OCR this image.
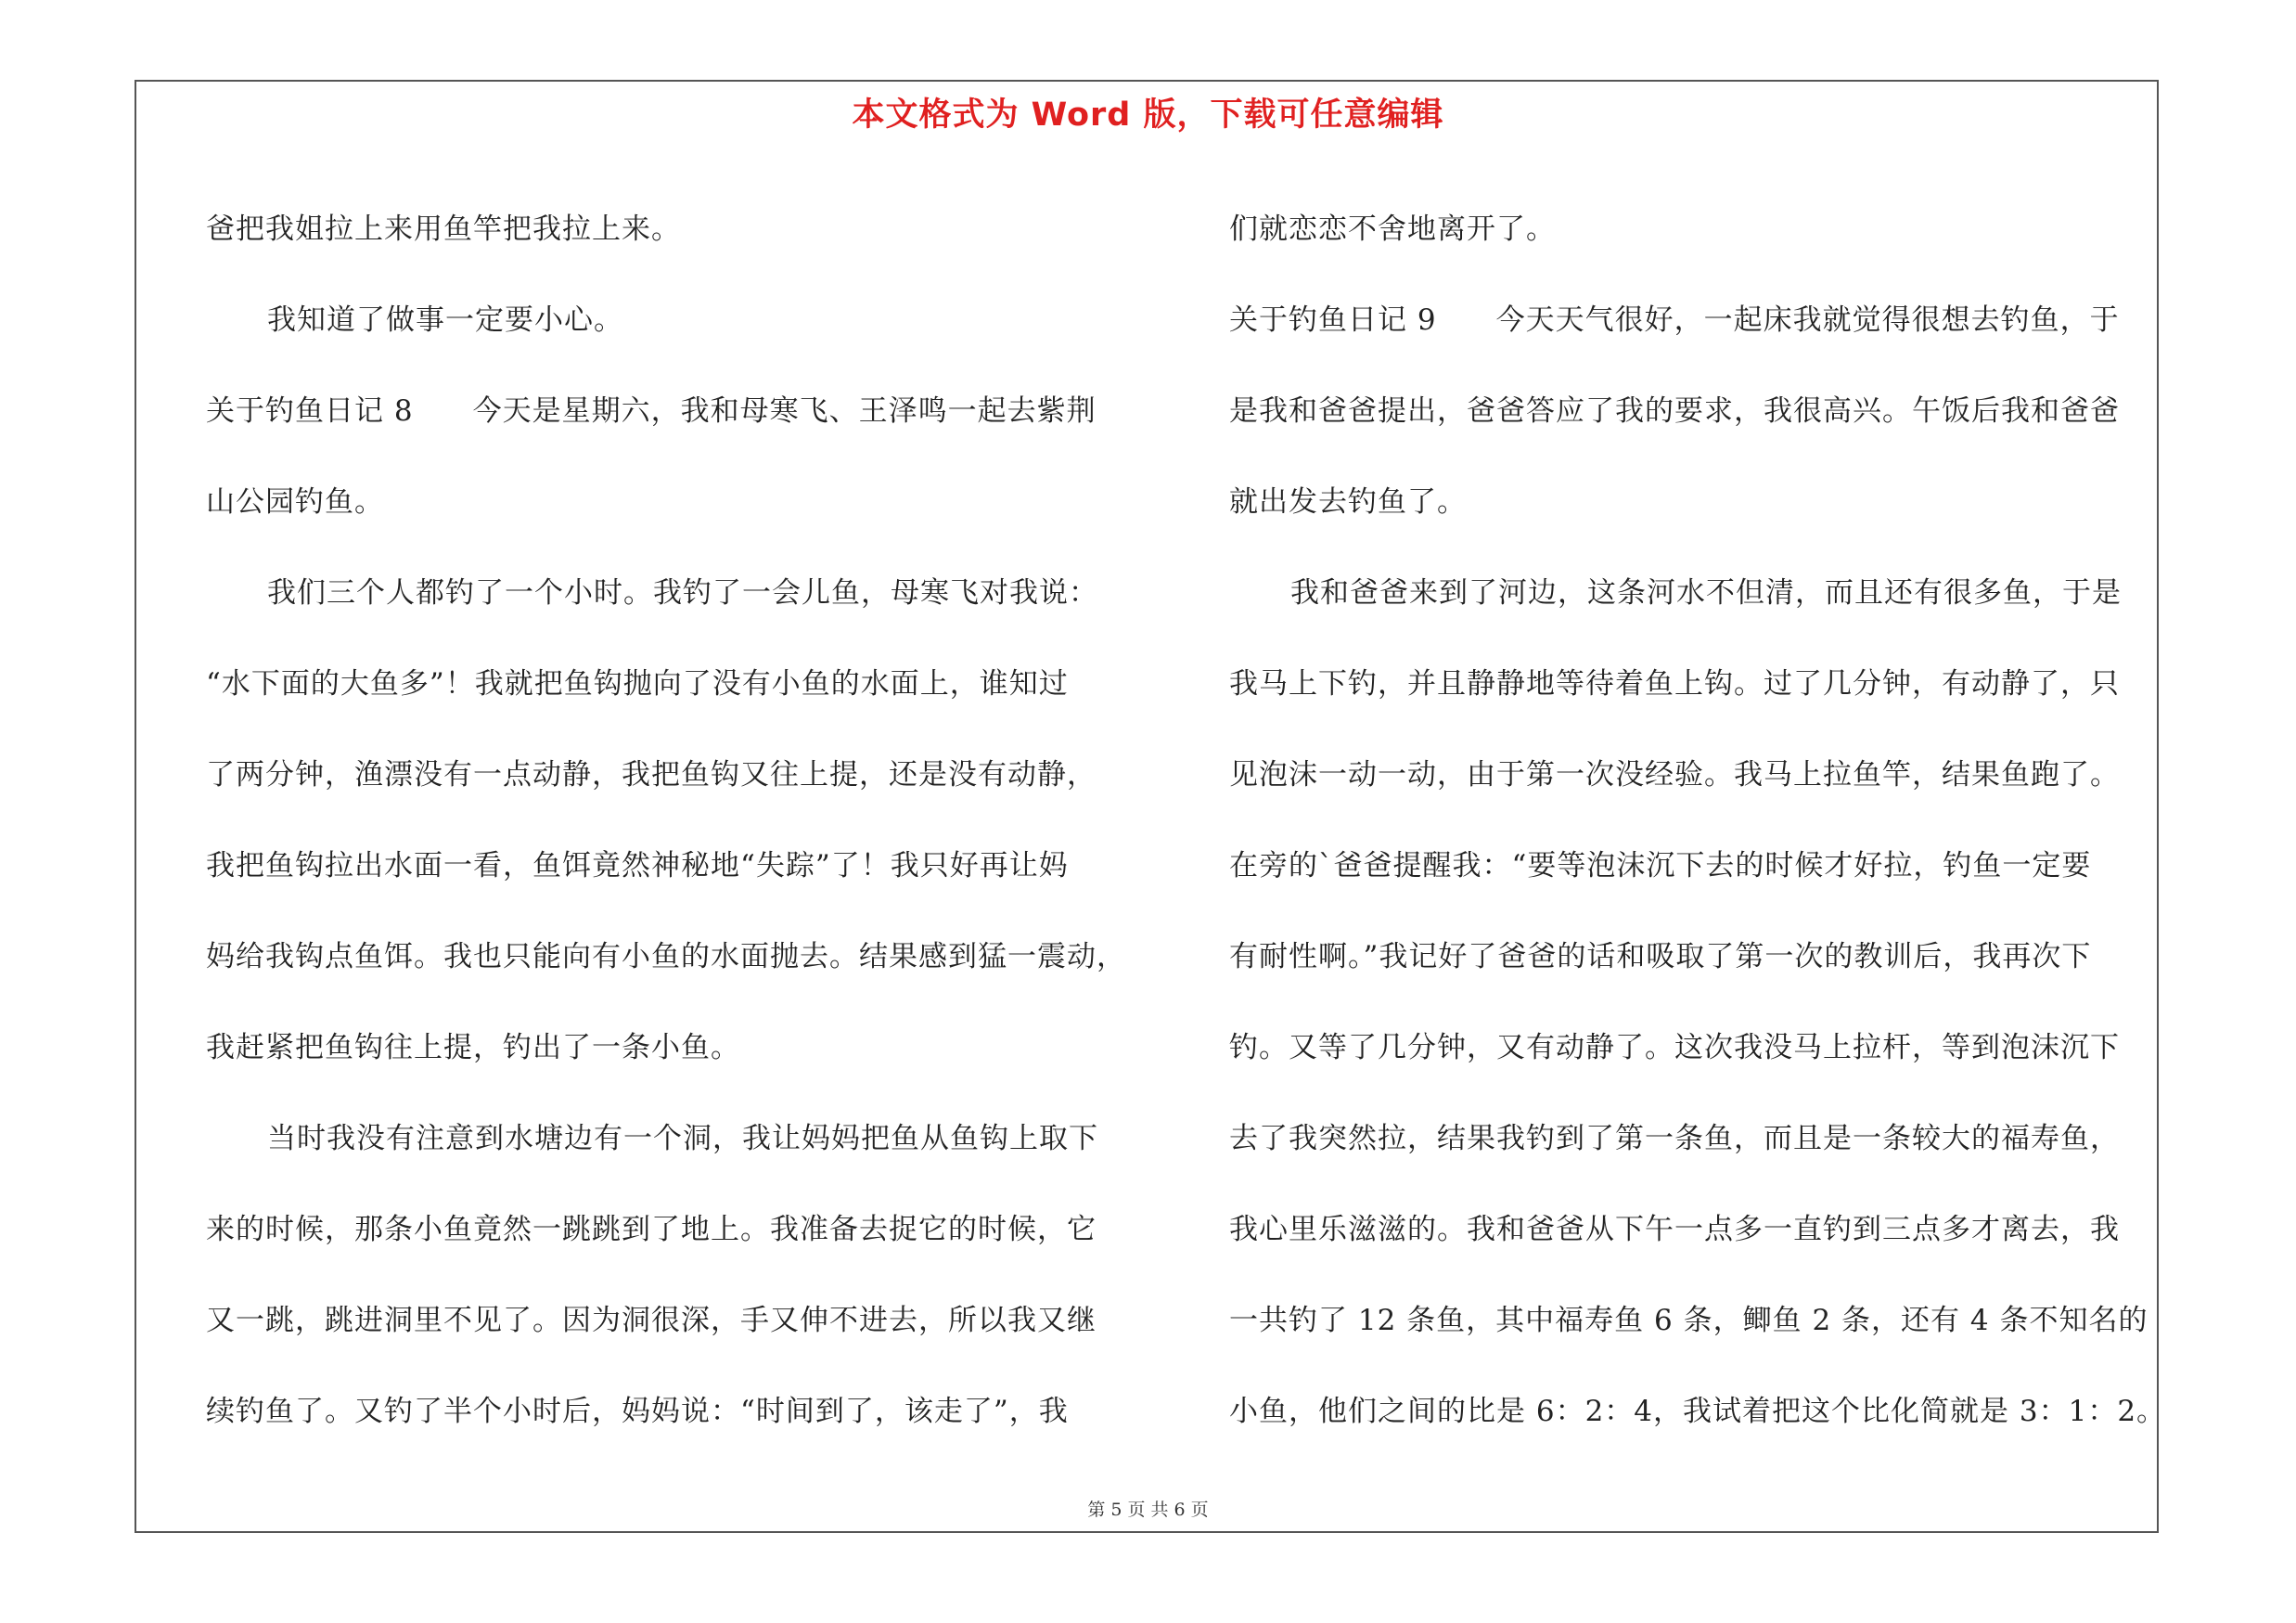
本文格式为 Word 版，下载可任意编辑
爸把我姐拉上来用鱼竿把我拉上来。
我知道了做事一定要小心。
关于钓鱼日记 8　　今天是星期六，我和母寒飞、王泽鸣一起去紫荆
山公园钓鱼。
我们三个人都钓了一个小时。我钓了一会儿鱼，母寒飞对我说：
“水下面的大鱼多”！我就把鱼钩抛向了没有小鱼的水面上，谁知过
了两分钟，渔漂没有一点动静，我把鱼钩又往上提，还是没有动静，
我把鱼钩拉出水面一看，鱼饵竟然神秘地“失踪”了！我只好再让妈
妈给我钩点鱼饵。我也只能向有小鱼的水面抛去。结果感到猛一震动，
我赶紧把鱼钩往上提，钓出了一条小鱼。
当时我没有注意到水塘边有一个洞，我让妈妈把鱼从鱼钩上取下
来的时候，那条小鱼竟然一跳跳到了地上。我准备去捉它的时候，它
又一跳，跳进洞里不见了。因为洞很深，手又伸不进去，所以我又继
续钓鱼了。又钓了半个小时后，妈妈说：“时间到了，该走了”，我
们就恋恋不舍地离开了。
关于钓鱼日记 9　　今天天气很好，一起床我就觉得很想去钓鱼，于
是我和爸爸提出，爸爸答应了我的要求，我很高兴。午饭后我和爸爸
就出发去钓鱼了。
我和爸爸来到了河边，这条河水不但清，而且还有很多鱼，于是
我马上下钓，并且静静地等待着鱼上钩。过了几分钟，有动静了，只
见泡沫一动一动，由于第一次没经验。我马上拉鱼竿，结果鱼跑了。
在旁的`爸爸提醒我：“要等泡沫沉下去的时候才好拉，钓鱼一定要
有耐性啊。”我记好了爸爸的话和吸取了第一次的教训后，我再次下
钓。又等了几分钟，又有动静了。这次我没马上拉杆，等到泡沫沉下
去了我突然拉，结果我钓到了第一条鱼，而且是一条较大的福寿鱼，
我心里乐滋滋的。我和爸爸从下午一点多一直钓到三点多才离去，我
一共钓了 12 条鱼，其中福寿鱼 6 条，鲫鱼 2 条，还有 4 条不知名的
小鱼，他们之间的比是 6：2：4，我试着把这个比化简就是 3：1：2。
第 5 页 共 6 页
